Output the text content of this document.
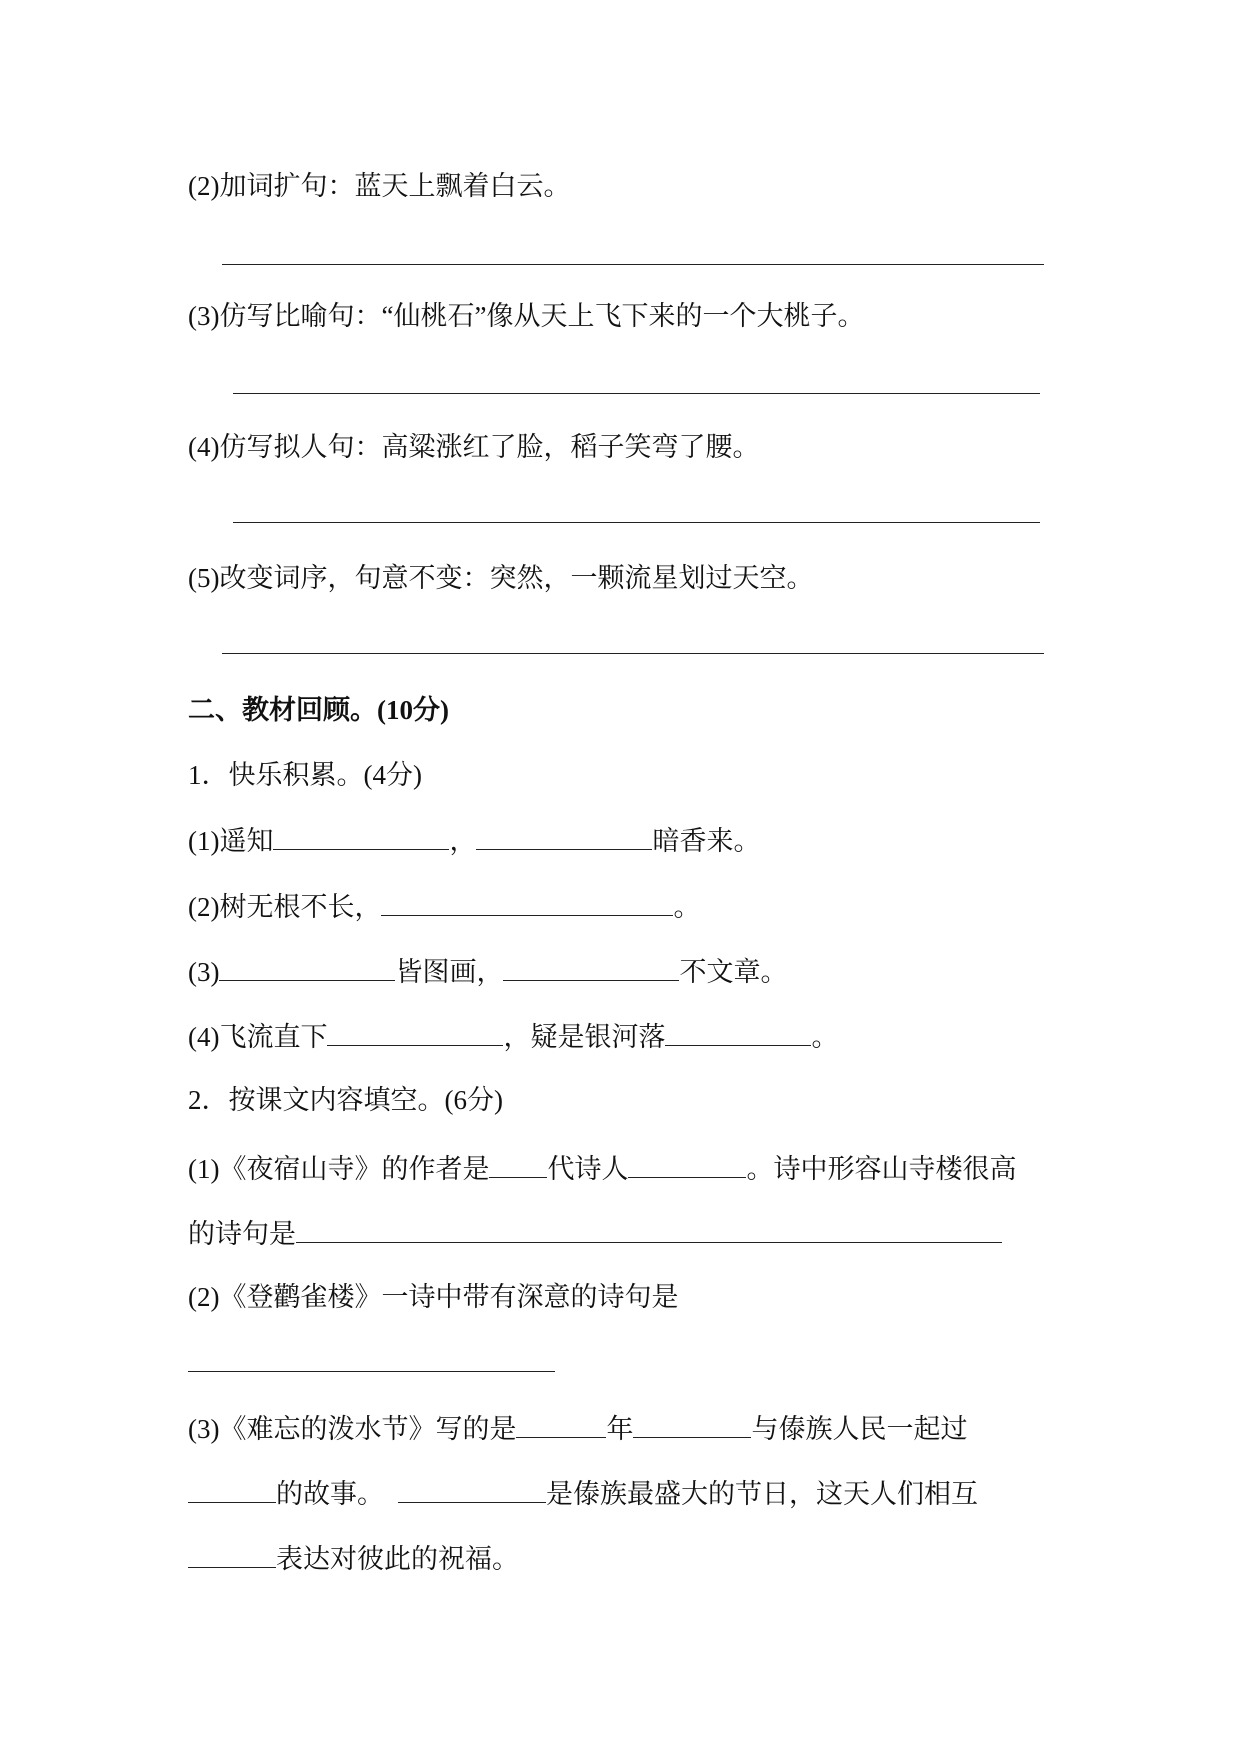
(2)加词扩句：蓝天上飘着白云。
(3)仿写比喻句：“仙桃石”像从天上飞下来的一个大桃子。
(4)仿写拟人句：高粱涨红了脸，稻子笑弯了腰。
(5)改变词序，句意不变：突然，一颗流星划过天空。
二、教材回顾。(10分)
1．快乐积累。(4分)
(1)遥知	，	暗香来。
(2)树无根不长，	。
(3)	皆图画，	不文章。
(4)飞流直下	，疑是银河落	。
2．按课文内容填空。(6分)
(1)《夜宿山寺》的作者是 代诗人	。诗中形容山寺楼很高
的诗句是
(2)《登鹳雀楼》一诗中带有深意的诗句是
(3)《难忘的泼水节》写的是	年	与傣族人民一起过
的故事。	是傣族最盛大的节日，这天人们相互
表达对彼此的祝福。
